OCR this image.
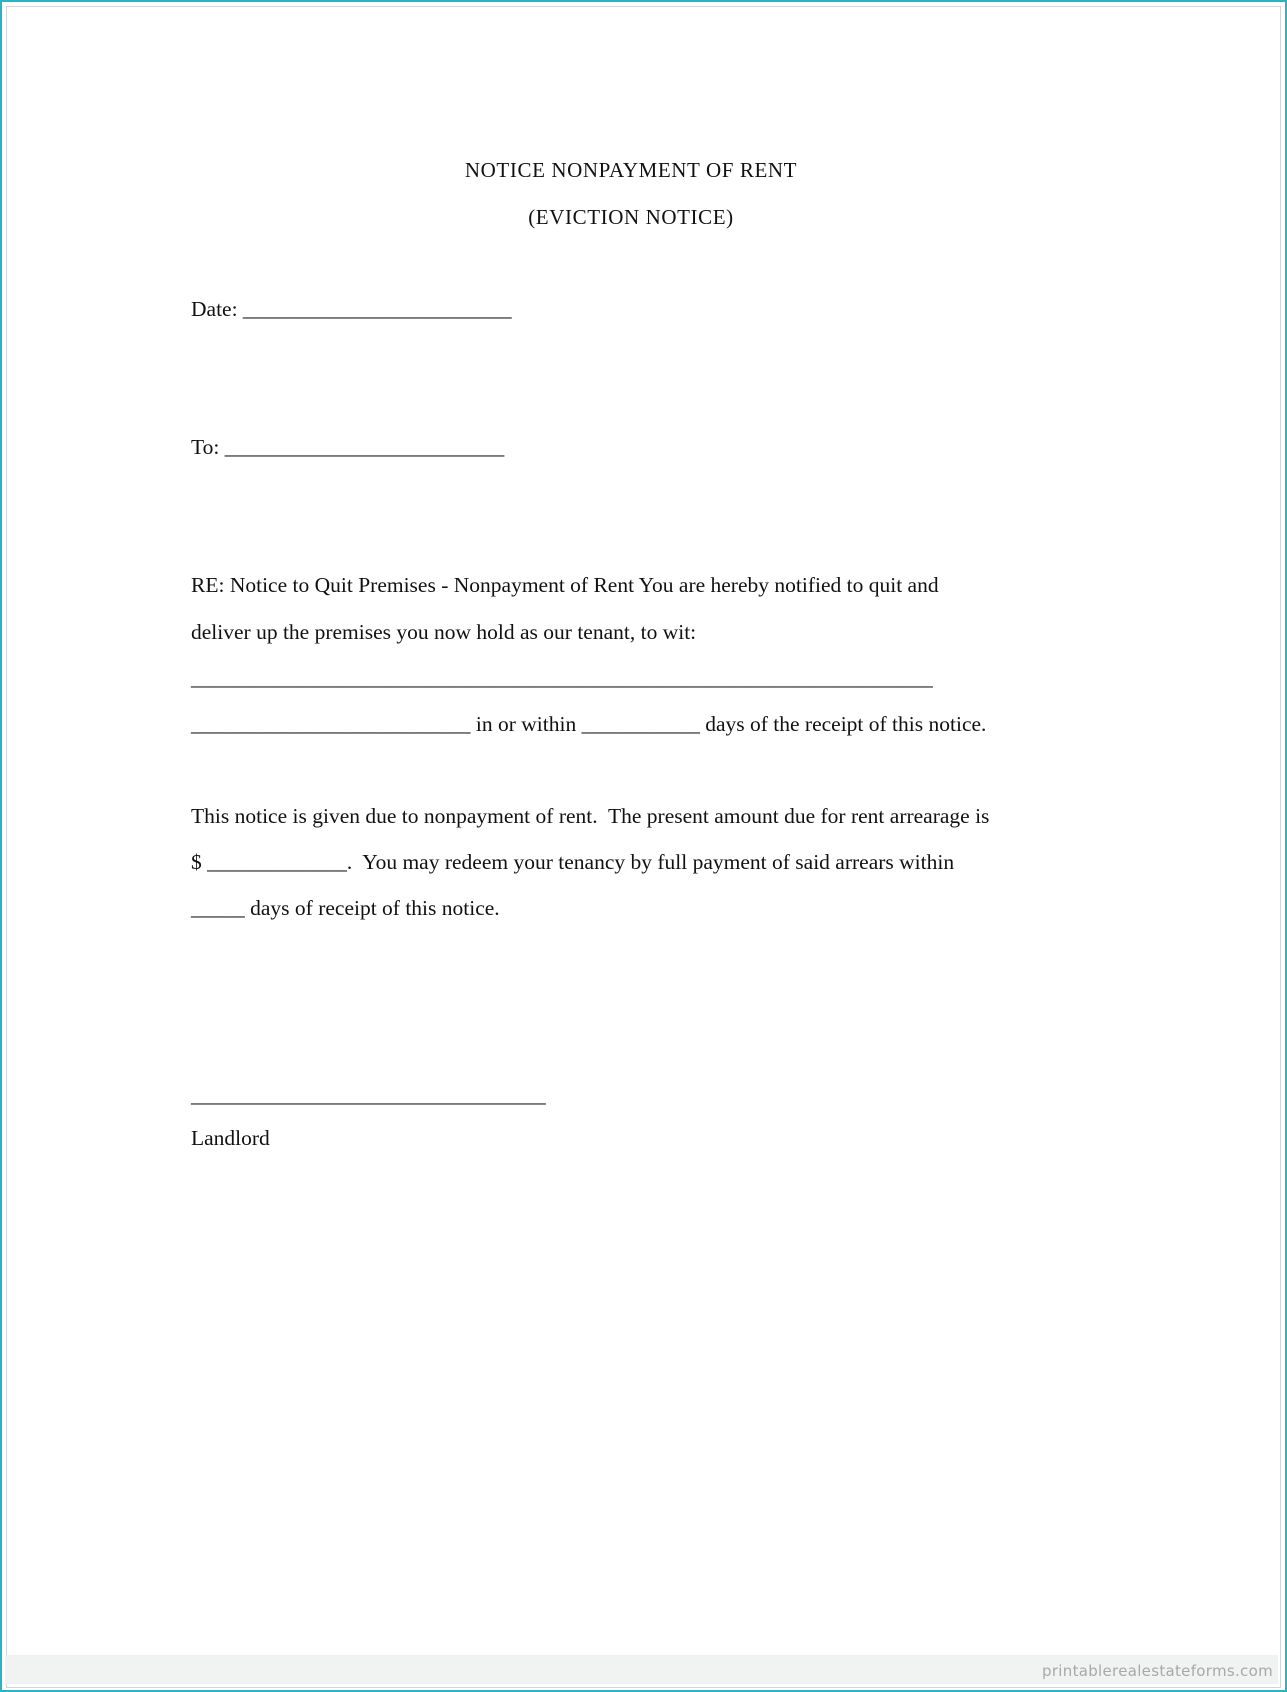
NOTICE NONPAYMENT OF RENT
(EVICTION NOTICE)
Date: _________________________
To: __________________________
RE: Notice to Quit Premises - Nonpayment of Rent You are hereby notified to quit and
deliver up the premises you now hold as our tenant, to wit:
_____________________________________________________________________
__________________________ in or within ___________ days of the receipt of this notice.
This notice is given due to nonpayment of rent.  The present amount due for rent arrearage is
$ _____________.  You may redeem your tenancy by full payment of said arrears within
_____ days of receipt of this notice.
_________________________________
Landlord
printablerealestateforms.com
